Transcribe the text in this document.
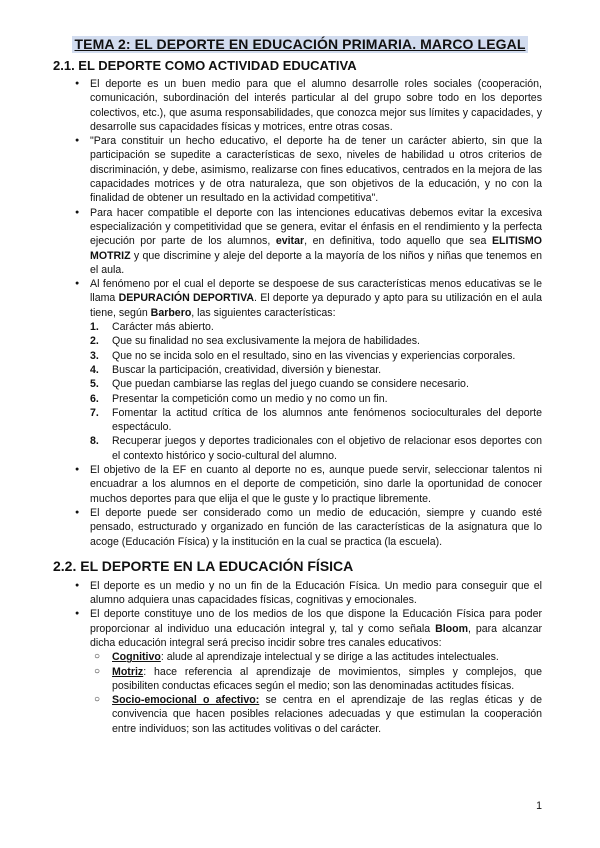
TEMA 2: EL DEPORTE EN EDUCACIÓN PRIMARIA. MARCO LEGAL
2.1. EL DEPORTE COMO ACTIVIDAD EDUCATIVA
● El deporte es un buen medio para que el alumno desarrolle roles sociales (cooperación, comunicación, subordinación del interés particular al del grupo sobre todo en los deportes colectivos, etc.), que asuma responsabilidades, que conozca mejor sus límites y capacidades, y desarrolle sus capacidades físicas y motrices, entre otras cosas.
● "Para constituir un hecho educativo, el deporte ha de tener un carácter abierto, sin que la participación se supedite a características de sexo, niveles de habilidad u otros criterios de discriminación, y debe, asimismo, realizarse con fines educativos, centrados en la mejora de las capacidades motrices y de otra naturaleza, que son objetivos de la educación, y no con la finalidad de obtener un resultado en la actividad competitiva".
● Para hacer compatible el deporte con las intenciones educativas debemos evitar la excesiva especialización y competitividad que se genera, evitar el énfasis en el rendimiento y la perfecta ejecución por parte de los alumnos, evitar, en definitiva, todo aquello que sea ELITISMO MOTRIZ y que discrimine y aleje del deporte a la mayoría de los niños y niñas que tenemos en el aula.
● Al fenómeno por el cual el deporte se despoese de sus características menos educativas se le llama DEPURACIÓN DEPORTIVA. El deporte ya depurado y apto para su utilización en el aula tiene, según Barbero, las siguientes características:
1. Carácter más abierto.
2. Que su finalidad no sea exclusivamente la mejora de habilidades.
3. Que no se incida solo en el resultado, sino en las vivencias y experiencias corporales.
4. Buscar la participación, creatividad, diversión y bienestar.
5. Que puedan cambiarse las reglas del juego cuando se considere necesario.
6. Presentar la competición como un medio y no como un fin.
7. Fomentar la actitud crítica de los alumnos ante fenómenos socioculturales del deporte espectáculo.
8. Recuperar juegos y deportes tradicionales con el objetivo de relacionar esos deportes con el contexto histórico y socio-cultural del alumno.
● El objetivo de la EF en cuanto al deporte no es, aunque puede servir, seleccionar talentos ni encuadrar a los alumnos en el deporte de competición, sino darle la oportunidad de conocer muchos deportes para que elija el que le guste y lo practique libremente.
● El deporte puede ser considerado como un medio de educación, siempre y cuando esté pensado, estructurado y organizado en función de las características de la asignatura que lo acoge (Educación Física) y la institución en la cual se practica (la escuela).
2.2. EL DEPORTE EN LA EDUCACIÓN FÍSICA
● El deporte es un medio y no un fin de la Educación Física. Un medio para conseguir que el alumno adquiera unas capacidades físicas, cognitivas y emocionales.
● El deporte constituye uno de los medios de los que dispone la Educación Física para poder proporcionar al individuo una educación integral y, tal y como señala Bloom, para alcanzar dicha educación integral será preciso incidir sobre tres canales educativos:
○ Cognitivo: alude al aprendizaje intelectual y se dirige a las actitudes intelectuales.
○ Motriz: hace referencia al aprendizaje de movimientos, simples y complejos, que posibiliten conductas eficaces según el medio; son las denominadas actitudes físicas.
○ Socio-emocional o afectivo: se centra en el aprendizaje de las reglas éticas y de convivencia que hacen posibles relaciones adecuadas y que estimulan la cooperación entre individuos; son las actitudes volitivas o del carácter.
1
